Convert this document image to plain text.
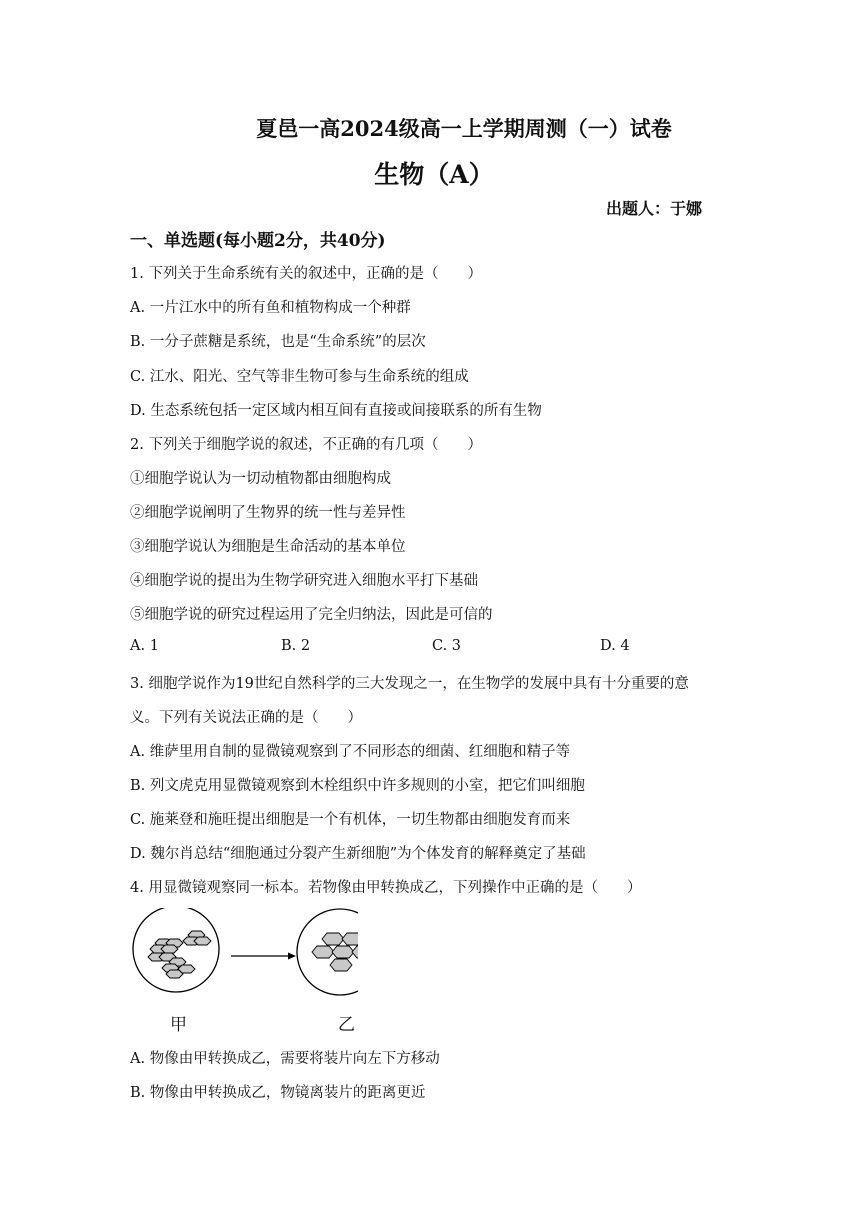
夏邑一高2024级高一上学期周测（一）试卷
生物（A）
出题人：于娜
一、单选题(每小题2分，共40分)
1. 下列关于生命系统有关的叙述中，正确的是（　　）
A. 一片江水中的所有鱼和植物构成一个种群
B. 一分子蔗糖是系统，也是“生命系统”的层次
C. 江水、阳光、空气等非生物可参与生命系统的组成
D. 生态系统包括一定区域内相互间有直接或间接联系的所有生物
2. 下列关于细胞学说的叙述，不正确的有几项（　　）
①细胞学说认为一切动植物都由细胞构成
②细胞学说阐明了生物界的统一性与差异性
③细胞学说认为细胞是生命活动的基本单位
④细胞学说的提出为生物学研究进入细胞水平打下基础
⑤细胞学说的研究过程运用了完全归纳法，因此是可信的
A. 1	B. 2	C. 3	D. 4
3. 细胞学说作为19世纪自然科学的三大发现之一，在生物学的发展中具有十分重要的意
义。下列有关说法正确的是（　　）
A. 维萨里用自制的显微镜观察到了不同形态的细菌、红细胞和精子等
B. 列文虎克用显微镜观察到木栓组织中许多规则的小室，把它们叫细胞
C. 施莱登和施旺提出细胞是一个有机体，一切生物都由细胞发育而来
D. 魏尔肖总结“细胞通过分裂产生新细胞”为个体发育的解释奠定了基础
4. 用显微镜观察同一标本。若物像由甲转换成乙，下列操作中正确的是（　　）
甲	乙
A. 物像由甲转换成乙，需要将装片向左下方移动
B. 物像由甲转换成乙，物镜离装片的距离更近
